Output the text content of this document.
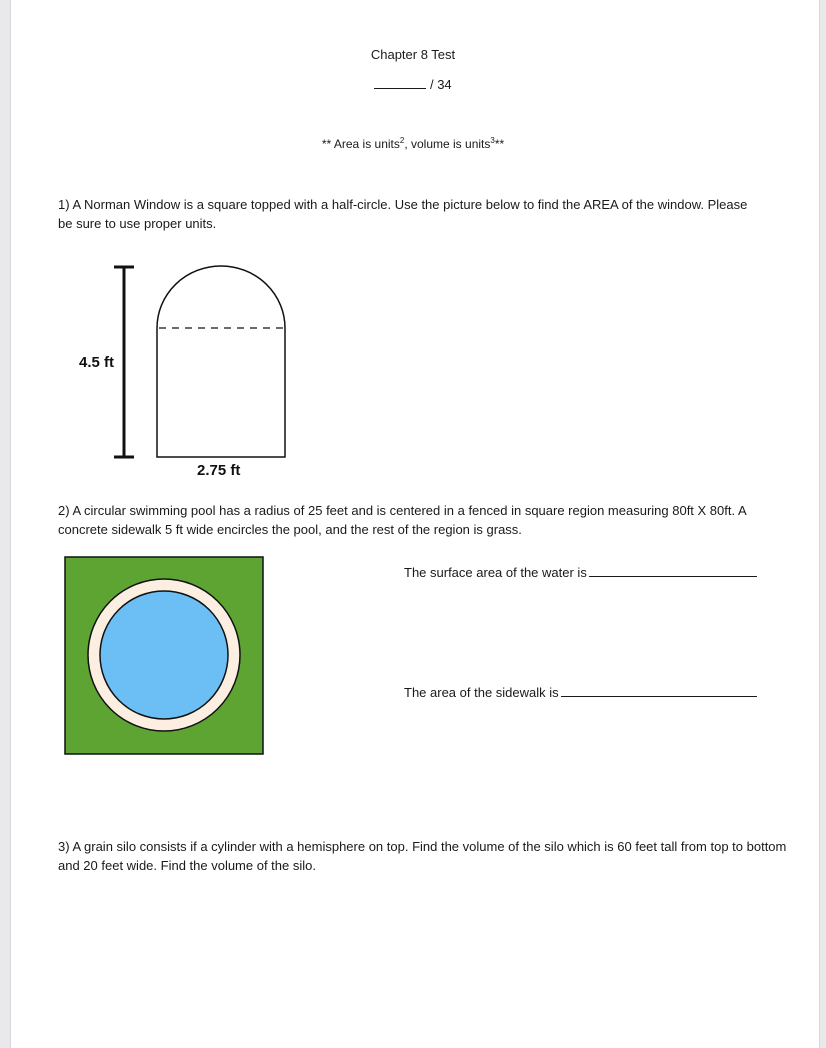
Chapter 8 Test
/ 34
** Area is units$^2$, volume is units$^3$**
1) A Norman Window is a square topped with a half-circle. Use the picture below to find the AREA of the window. Please be sure to use proper units.
4.5 ft
2.75 ft
2) A circular swimming pool has a radius of 25 feet and is centered in a fenced in square region measuring 80ft X 80ft. A concrete sidewalk 5 ft wide encircles the pool, and the rest of the region is grass.
The surface area of the water is
The area of the sidewalk is
3) A grain silo consists if a cylinder with a hemisphere on top. Find the volume of the silo which is 60 feet tall from top to bottom and 20 feet wide. Find the volume of the silo.
